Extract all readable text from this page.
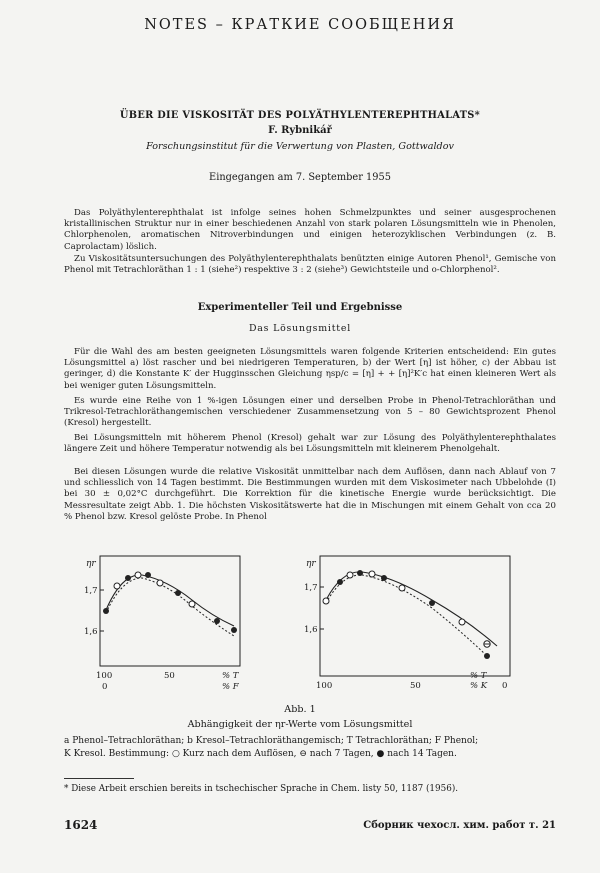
NOTES – КРАТКИЕ СООБЩЕНИЯ
ÜBER DIE VISKOSITÄT DES POLYÄTHYLENTEREPHTHALATS*
F. Rybnikář
Forschungsinstitut für die Verwertung von Plasten, Gottwaldov
Eingegangen am 7. September 1955
Das Polyäthylenterephthalat ist infolge seines hohen Schmelzpunktes und seiner ausgesprochenen kristallinischen Struktur nur in einer beschiedenen Anzahl von stark polaren Lösungsmitteln wie in Phenolen, Chlorphenolen, aromatischen Nitroverbindungen und einigen heterozyklischen Verbindungen (z. B. Caprolactam) löslich.
Zu Viskositätsuntersuchungen des Polyäthylenterephthalats benützten einige Autoren Phenol¹, Gemische von Phenol mit Tetrachloräthan 1 : 1 (siehe²) respektive 3 : 2 (siehe³) Gewichtsteile und o-Chlorphenol².
Experimenteller Teil und Ergebnisse
Das Lösungsmittel
Für die Wahl des am besten geeigneten Lösungsmittels waren folgende Kriterien entscheidend: Ein gutes Lösungsmittel a) löst rascher und bei niedrigeren Temperaturen, b) der Wert [η] ist höher, c) der Abbau ist geringer, d) die Konstante K′ der Hugginsschen Gleichung ηsp/c = [η] + + [η]²K′c hat einen kleineren Wert als bei weniger guten Lösungsmitteln.
Es wurde eine Reihe von 1 %-igen Lösungen einer und derselben Probe in Phenol-Tetrachloräthan und Trikresol-Tetrachloräthangemischen verschiedener Zusammensetzung von 5 – 80 Gewichtsprozent Phenol (Kresol) hergestellt.
Bei Lösungsmitteln mit höherem Phenol (Kresol) gehalt war zur Lösung des Polyäthylenterephthalates längere Zeit und höhere Temperatur notwendig als bei Lösungsmitteln mit kleinerem Phenolgehalt.
Bei diesen Lösungen wurde die relative Viskosität unmittelbar nach dem Auflösen, dann nach Ablauf von 7 und schliesslich von 14 Tagen bestimmt. Die Bestimmungen wurden mit dem Viskosimeter nach Ubbelohde (I) bei 30 ± 0,02°C durchgeführt. Die Korrektion für die kinetische Energie wurde berücksichtigt. Die Messresultate zeigt Abb. 1. Die höchsten Viskositätswerte hat die in Mischungen mit einem Gehalt von cca 20 % Phenol bzw. Kresol gelöste Probe. In Phenol
ηr
1,7
1,6
100	50
0
% T
% F
ηr
1,7
1,6
100	50	0
% T
% K
Abb. 1
Abhängigkeit der ηr-Werte vom Lösungsmittel
a Phenol–Tetrachloräthan; b Kresol–Tetrachloräthangemisch; T Tetrachloräthan; F Phenol;
K Kresol. Bestimmung: ○ Kurz nach dem Auflösen, ⊖ nach 7 Tagen, ● nach 14 Tagen.
* Diese Arbeit erschien bereits in tschechischer Sprache in Chem. listy 50, 1187 (1956).
1624	Сборник чехосл. хим. работ т. 21
